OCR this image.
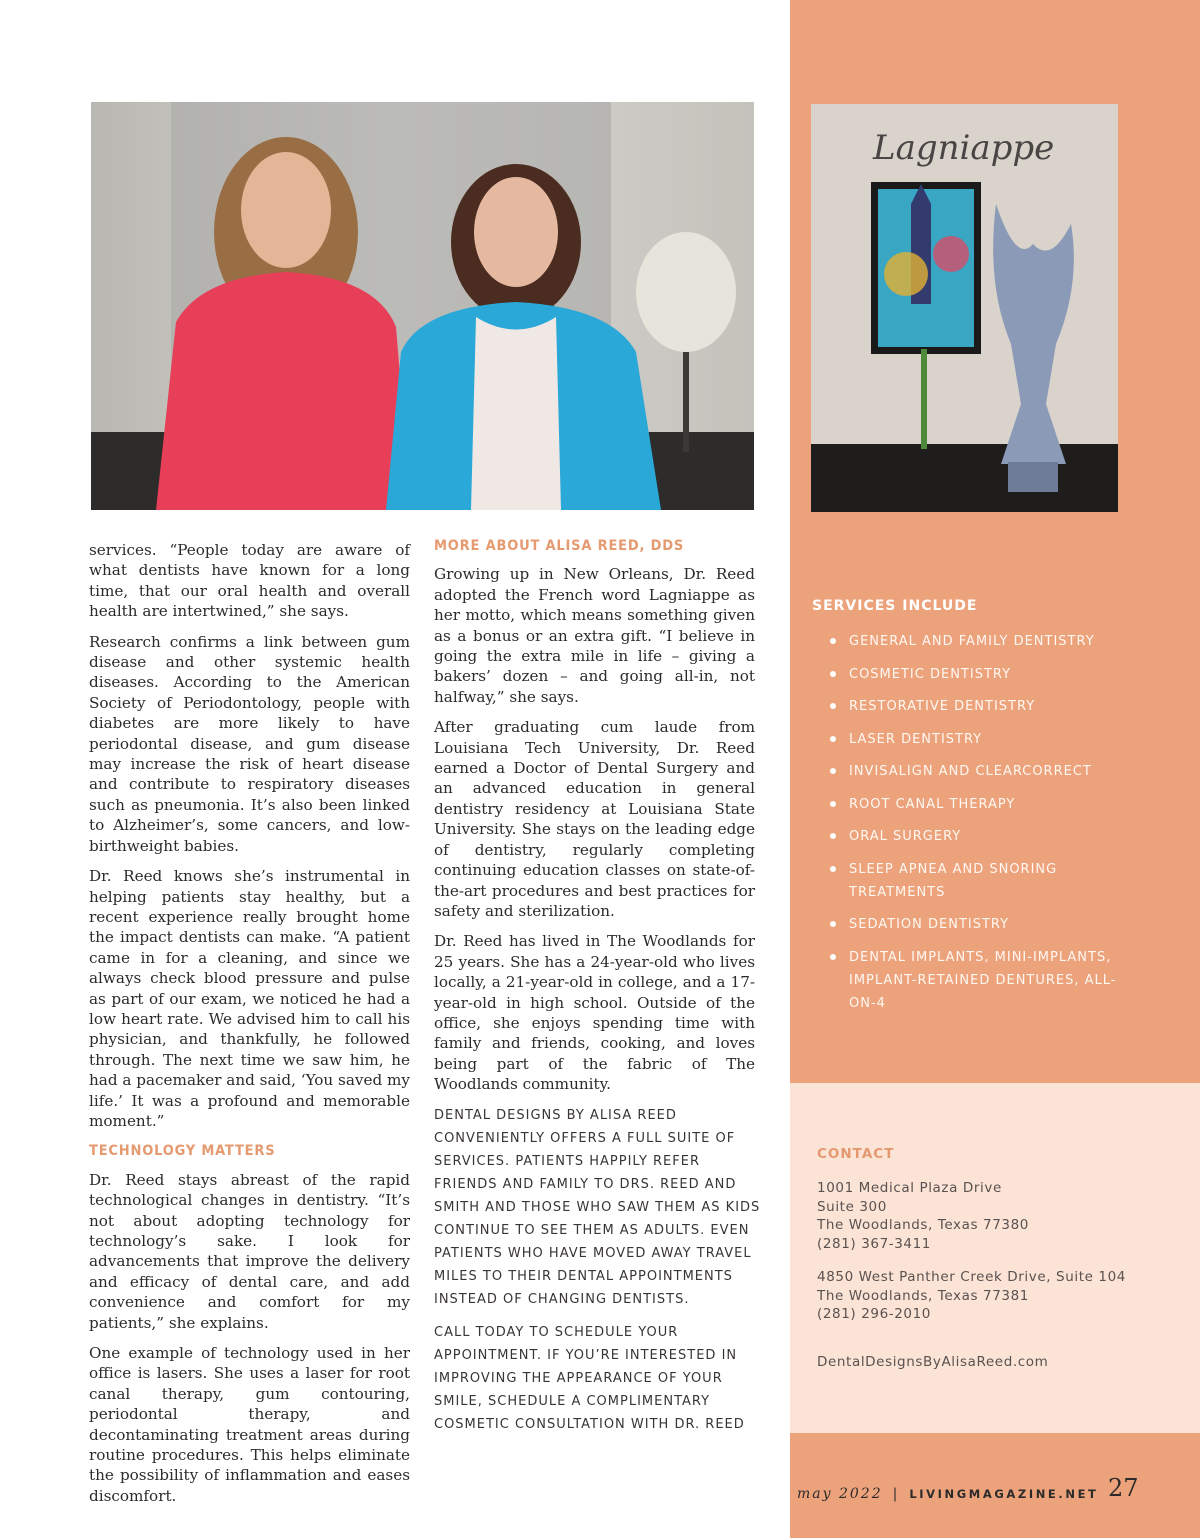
Lagniappe

services. “People today are aware of what dentists have known for a long time, that our oral health and overall health are intertwined,” she says.

Research confirms a link between gum disease and other systemic health diseases. According to the American Society of Periodontology, people with diabetes are more likely to have periodontal disease, and gum disease may increase the risk of heart disease and contribute to respiratory diseases such as pneumonia. It’s also been linked to Alzheimer’s, some cancers, and low-birthweight babies.

Dr. Reed knows she’s instrumental in helping patients stay healthy, but a recent experience really brought home the impact dentists can make. “A patient came in for a cleaning, and since we always check blood pressure and pulse as part of our exam, we noticed he had a low heart rate. We advised him to call his physician, and thankfully, he followed through. The next time we saw him, he had a pacemaker and said, ‘You saved my life.’ It was a profound and memorable moment.”

TECHNOLOGY MATTERS

Dr. Reed stays abreast of the rapid technological changes in dentistry. “It’s not about adopting technology for technology’s sake. I look for advancements that improve the delivery and efficacy of dental care, and add convenience and comfort for my patients,” she explains.

One example of technology used in her office is lasers. She uses a laser for root canal therapy, gum contouring, periodontal therapy, and decontaminating treatment areas during routine procedures. This helps eliminate the possibility of inflammation and eases discomfort.

MORE ABOUT ALISA REED, DDS

Growing up in New Orleans, Dr. Reed adopted the French word Lagniappe as her motto, which means something given as a bonus or an extra gift. “I believe in going the extra mile in life – giving a bakers’ dozen – and going all-in, not halfway,” she says.

After graduating cum laude from Louisiana Tech University, Dr. Reed earned a Doctor of Dental Surgery and an advanced education in general dentistry residency at Louisiana State University. She stays on the leading edge of dentistry, regularly completing continuing education classes on state-of-the-art procedures and best practices for safety and sterilization.

Dr. Reed has lived in The Woodlands for 25 years. She has a 24-year-old who lives locally, a 21-year-old in college, and a 17-year-old in high school. Outside of the office, she enjoys spending time with family and friends, cooking, and loves being part of the fabric of The Woodlands community.

DENTAL DESIGNS BY ALISA REED CONVENIENTLY OFFERS A FULL SUITE OF SERVICES. PATIENTS HAPPILY REFER FRIENDS AND FAMILY TO DRS. REED AND SMITH AND THOSE WHO SAW THEM AS KIDS CONTINUE TO SEE THEM AS ADULTS. EVEN PATIENTS WHO HAVE MOVED AWAY TRAVEL MILES TO THEIR DENTAL APPOINTMENTS INSTEAD OF CHANGING DENTISTS.

CALL TODAY TO SCHEDULE YOUR APPOINTMENT. IF YOU’RE INTERESTED IN IMPROVING THE APPEARANCE OF YOUR SMILE, SCHEDULE A COMPLIMENTARY COSMETIC CONSULTATION WITH DR. REED

SERVICES INCLUDE
GENERAL AND FAMILY DENTISTRY
COSMETIC DENTISTRY
RESTORATIVE DENTISTRY
LASER DENTISTRY
INVISALIGN AND CLEARCORRECT
ROOT CANAL THERAPY
ORAL SURGERY
SLEEP APNEA AND SNORING TREATMENTS
SEDATION DENTISTRY
DENTAL IMPLANTS, MINI-IMPLANTS, IMPLANT-RETAINED DENTURES, ALL-ON-4
CONTACT
1001 Medical Plaza Drive
Suite 300
The Woodlands, Texas 77380
(281) 367-3411
4850 West Panther Creek Drive, Suite 104
The Woodlands, Texas 77381
(281) 296-2010
DentalDesignsByAlisaReed.com
may 2022 | LIVINGMAGAZINE.NET 27
